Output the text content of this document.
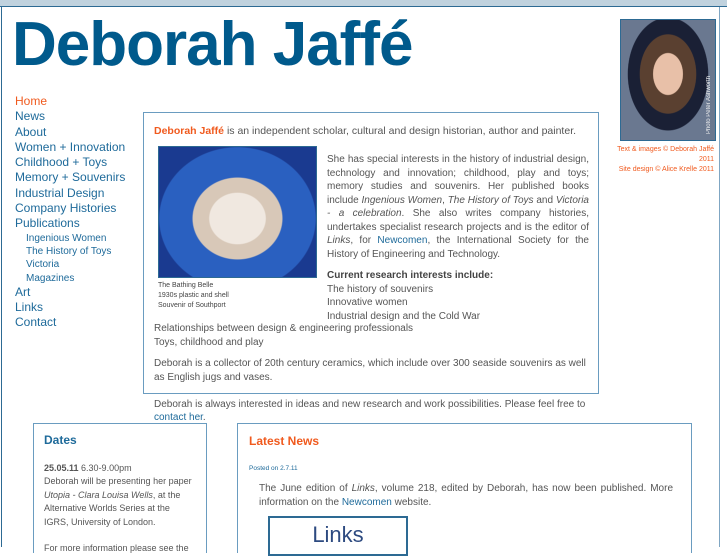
Deborah Jaffé
Home
News
About
Women + Innovation
Childhood + Toys
Memory + Souvenirs
Industrial Design
Company Histories
Publications
Ingenious Women
The History of Toys
Victoria
Magazines
Art
Links
Contact
Photo Peter Ashworth
Text & images © Deborah Jaffé 2011
Site design © Alice Krelle 2011
Deborah Jaffé is an independent scholar, cultural and design historian, author and painter.
The Bathing Belle
1930s plastic and shell
Souvenir of Southport

She has special interests in the history of industrial design, technology and innovation; childhood, play and toys; memory studies and souvenirs. Her published books include Ingenious Women, The History of Toys and Victoria - a celebration. She also writes company histories, undertakes specialist research projects and is the editor of Links, for Newcomen, the International Society for the History of Engineering and Technology.

Current research interests include:
The history of souvenirs
Innovative women
Industrial design and the Cold War
Relationships between design & engineering professionals

Toys, childhood and play

Deborah is a collector of 20th century ceramics, which include over 300 seaside souvenirs as well as English jugs and vases.

Deborah is always interested in ideas and new research and work possibilities. Please feel free to contact her.
Dates

25.05.11 6.30-9.00pm
Deborah will be presenting her paper Utopia - Clara Louisa Wells, at the Alternative Worlds Series at the IGRS, University of London.

For more information please see the

Latest News
Posted on 2.7.11

The June edition of Links, volume 218, edited by Deborah, has now been published. More information on the Newcomen website.

Links
